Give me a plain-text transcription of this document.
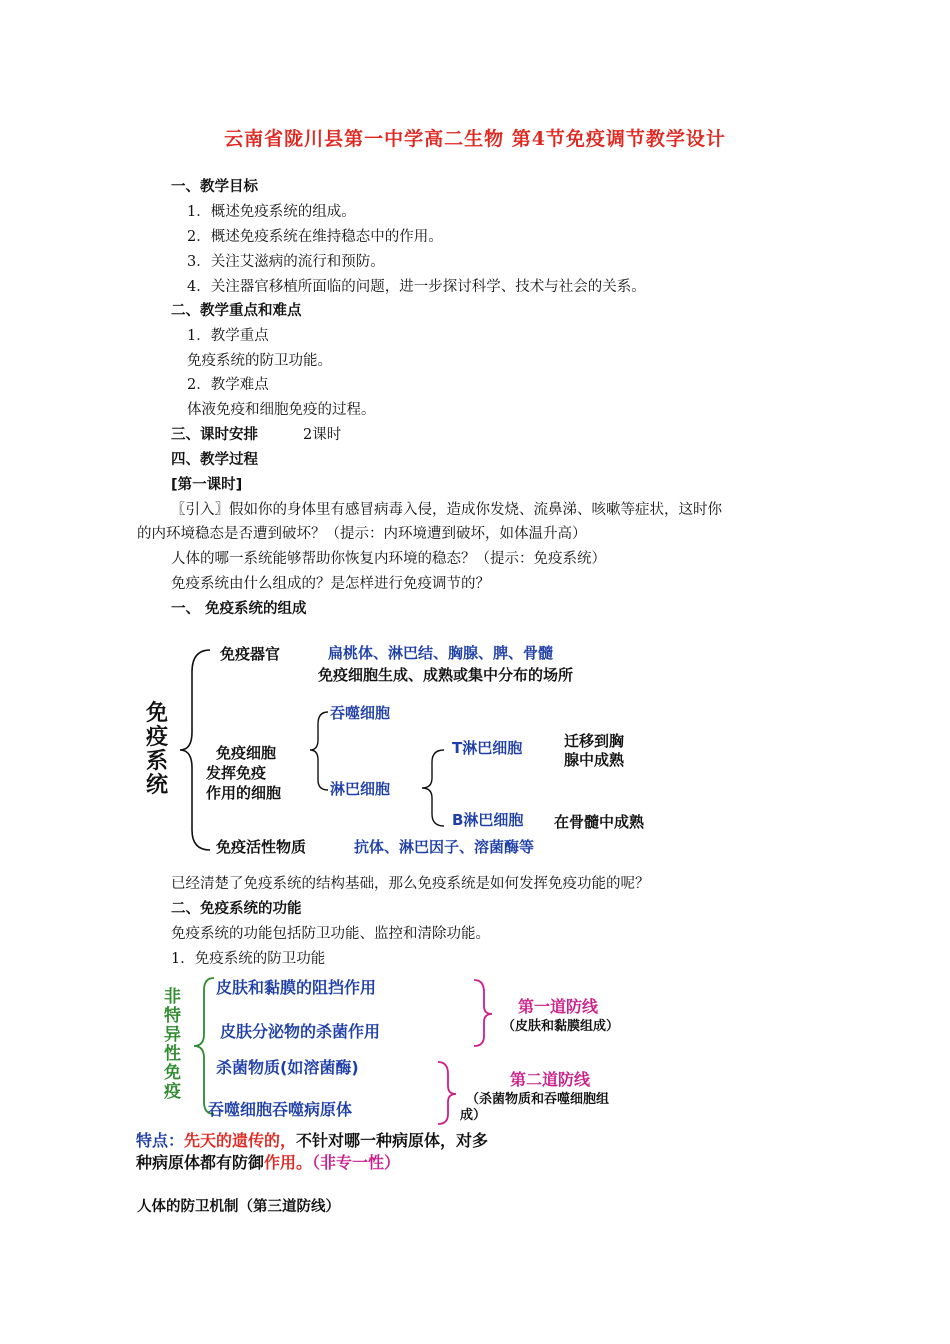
云南省陇川县第一中学高二生物 第4节免疫调节教学设计
一、教学目标
1．概述免疫系统的组成。
2．概述免疫系统在维持稳态中的作用。
3．关注艾滋病的流行和预防。
4．关注器官移植所面临的问题，进一步探讨科学、技术与社会的关系。
二、教学重点和难点
1．教学重点
免疫系统的防卫功能。
2．教学难点
体液免疫和细胞免疫的过程。
三、课时安排	2课时
四、教学过程
[第一课时]
〖引入〗假如你的身体里有感冒病毒入侵，造成你发烧、流鼻涕、咳嗽等症状，这时你
的内环境稳态是否遭到破坏？（提示：内环境遭到破坏，如体温升高）
人体的哪一系统能够帮助你恢复内环境的稳态？（提示：免疫系统）
免疫系统由什么组成的？是怎样进行免疫调节的？
一、 免疫系统的组成
免
疫
系
统
免疫器官	扁桃体、淋巴结、胸腺、脾、骨髓
免疫细胞生成、成熟或集中分布的场所
免疫细胞
发挥免疫
作用的细胞
吞噬细胞
淋巴细胞
T淋巴细胞	迁移到胸
腺中成熟
B淋巴细胞 在骨髓中成熟
免疫活性物质	抗体、淋巴因子、溶菌酶等
已经清楚了免疫系统的结构基础，那么免疫系统是如何发挥免疫功能的呢？
二、免疫系统的功能
免疫系统的功能包括防卫功能、监控和清除功能。
1．免疫系统的防卫功能
非
特
异
性
免
疫
皮肤和黏膜的阻挡作用
皮肤分泌物的杀菌作用
第一道防线
（皮肤和黏膜组成）
杀菌物质(如溶菌酶)
吞噬细胞吞噬病原体
第二道防线
（杀菌物质和吞噬细胞组
成）
特点：先天的遗传的，不针对哪一种病原体，对多
种病原体都有防御作用。（非专一性）
人体的防卫机制（第三道防线）
